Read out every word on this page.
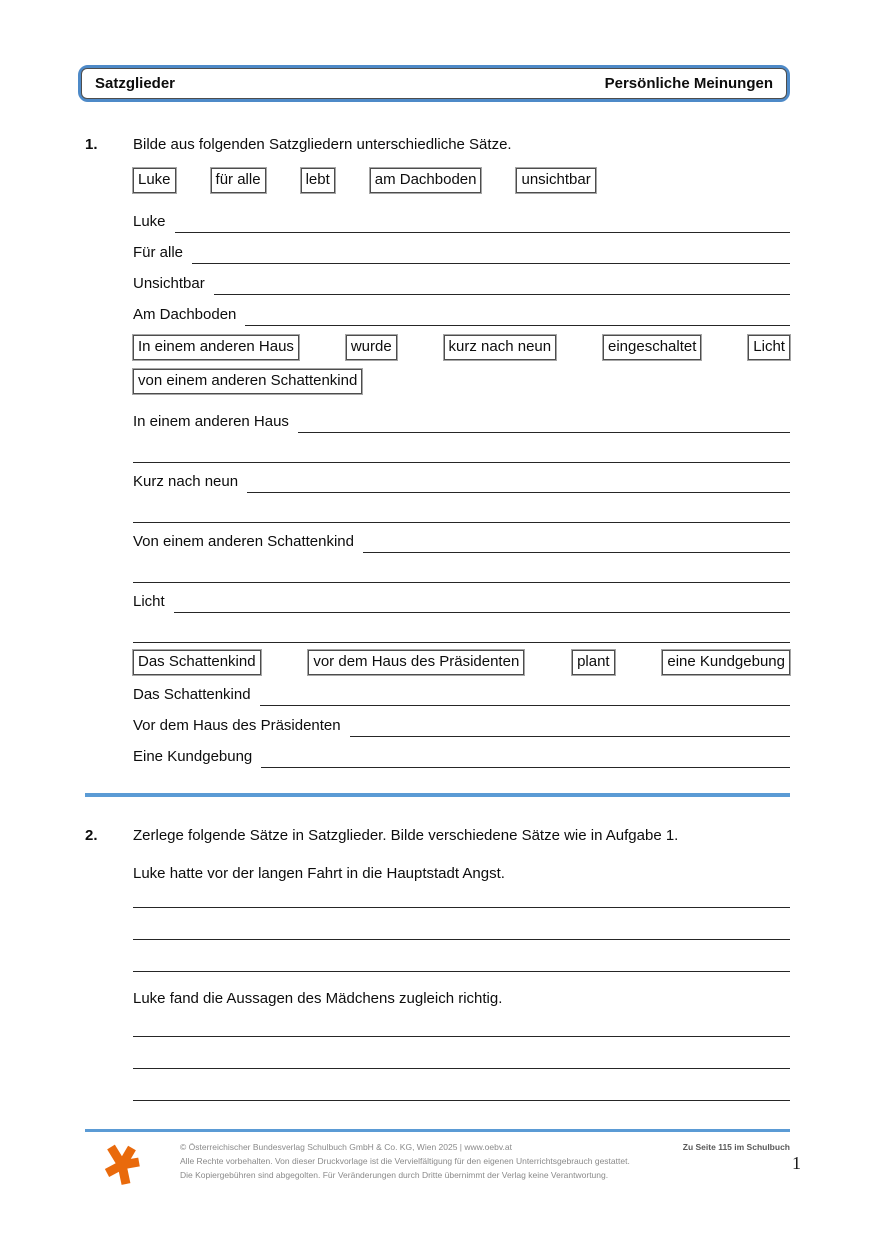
Satzglieder	Persönliche Meinungen
1.	Bilde aus folgenden Satzgliedern unterschiedliche Sätze.
Luke	für alle	lebt	am Dachboden	unsichtbar
Luke
Für alle
Unsichtbar
Am Dachboden
In einem anderen Haus	wurde	kurz nach neun	eingeschaltet	Licht
von einem anderen Schattenkind
In einem anderen Haus
Kurz nach neun
Von einem anderen Schattenkind
Licht
Das Schattenkind	vor dem Haus des Präsidenten	plant	eine Kundgebung
Das Schattenkind
Vor dem Haus des Präsidenten
Eine Kundgebung
2.	Zerlege folgende Sätze in Satzglieder. Bilde verschiedene Sätze wie in Aufgabe 1.
Luke hatte vor der langen Fahrt in die Hauptstadt Angst.
Luke fand die Aussagen des Mädchens zugleich richtig.
© Österreichischer Bundesverlag Schulbuch GmbH & Co. KG, Wien 2025 | www.oebv.at
Alle Rechte vorbehalten. Von dieser Druckvorlage ist die Vervielfältigung für den eigenen Unterrichtsgebrauch gestattet.
Die Kopiergebühren sind abgegolten. Für Veränderungen durch Dritte übernimmt der Verlag keine Verantwortung.
Zu Seite 115 im Schulbuch
1
